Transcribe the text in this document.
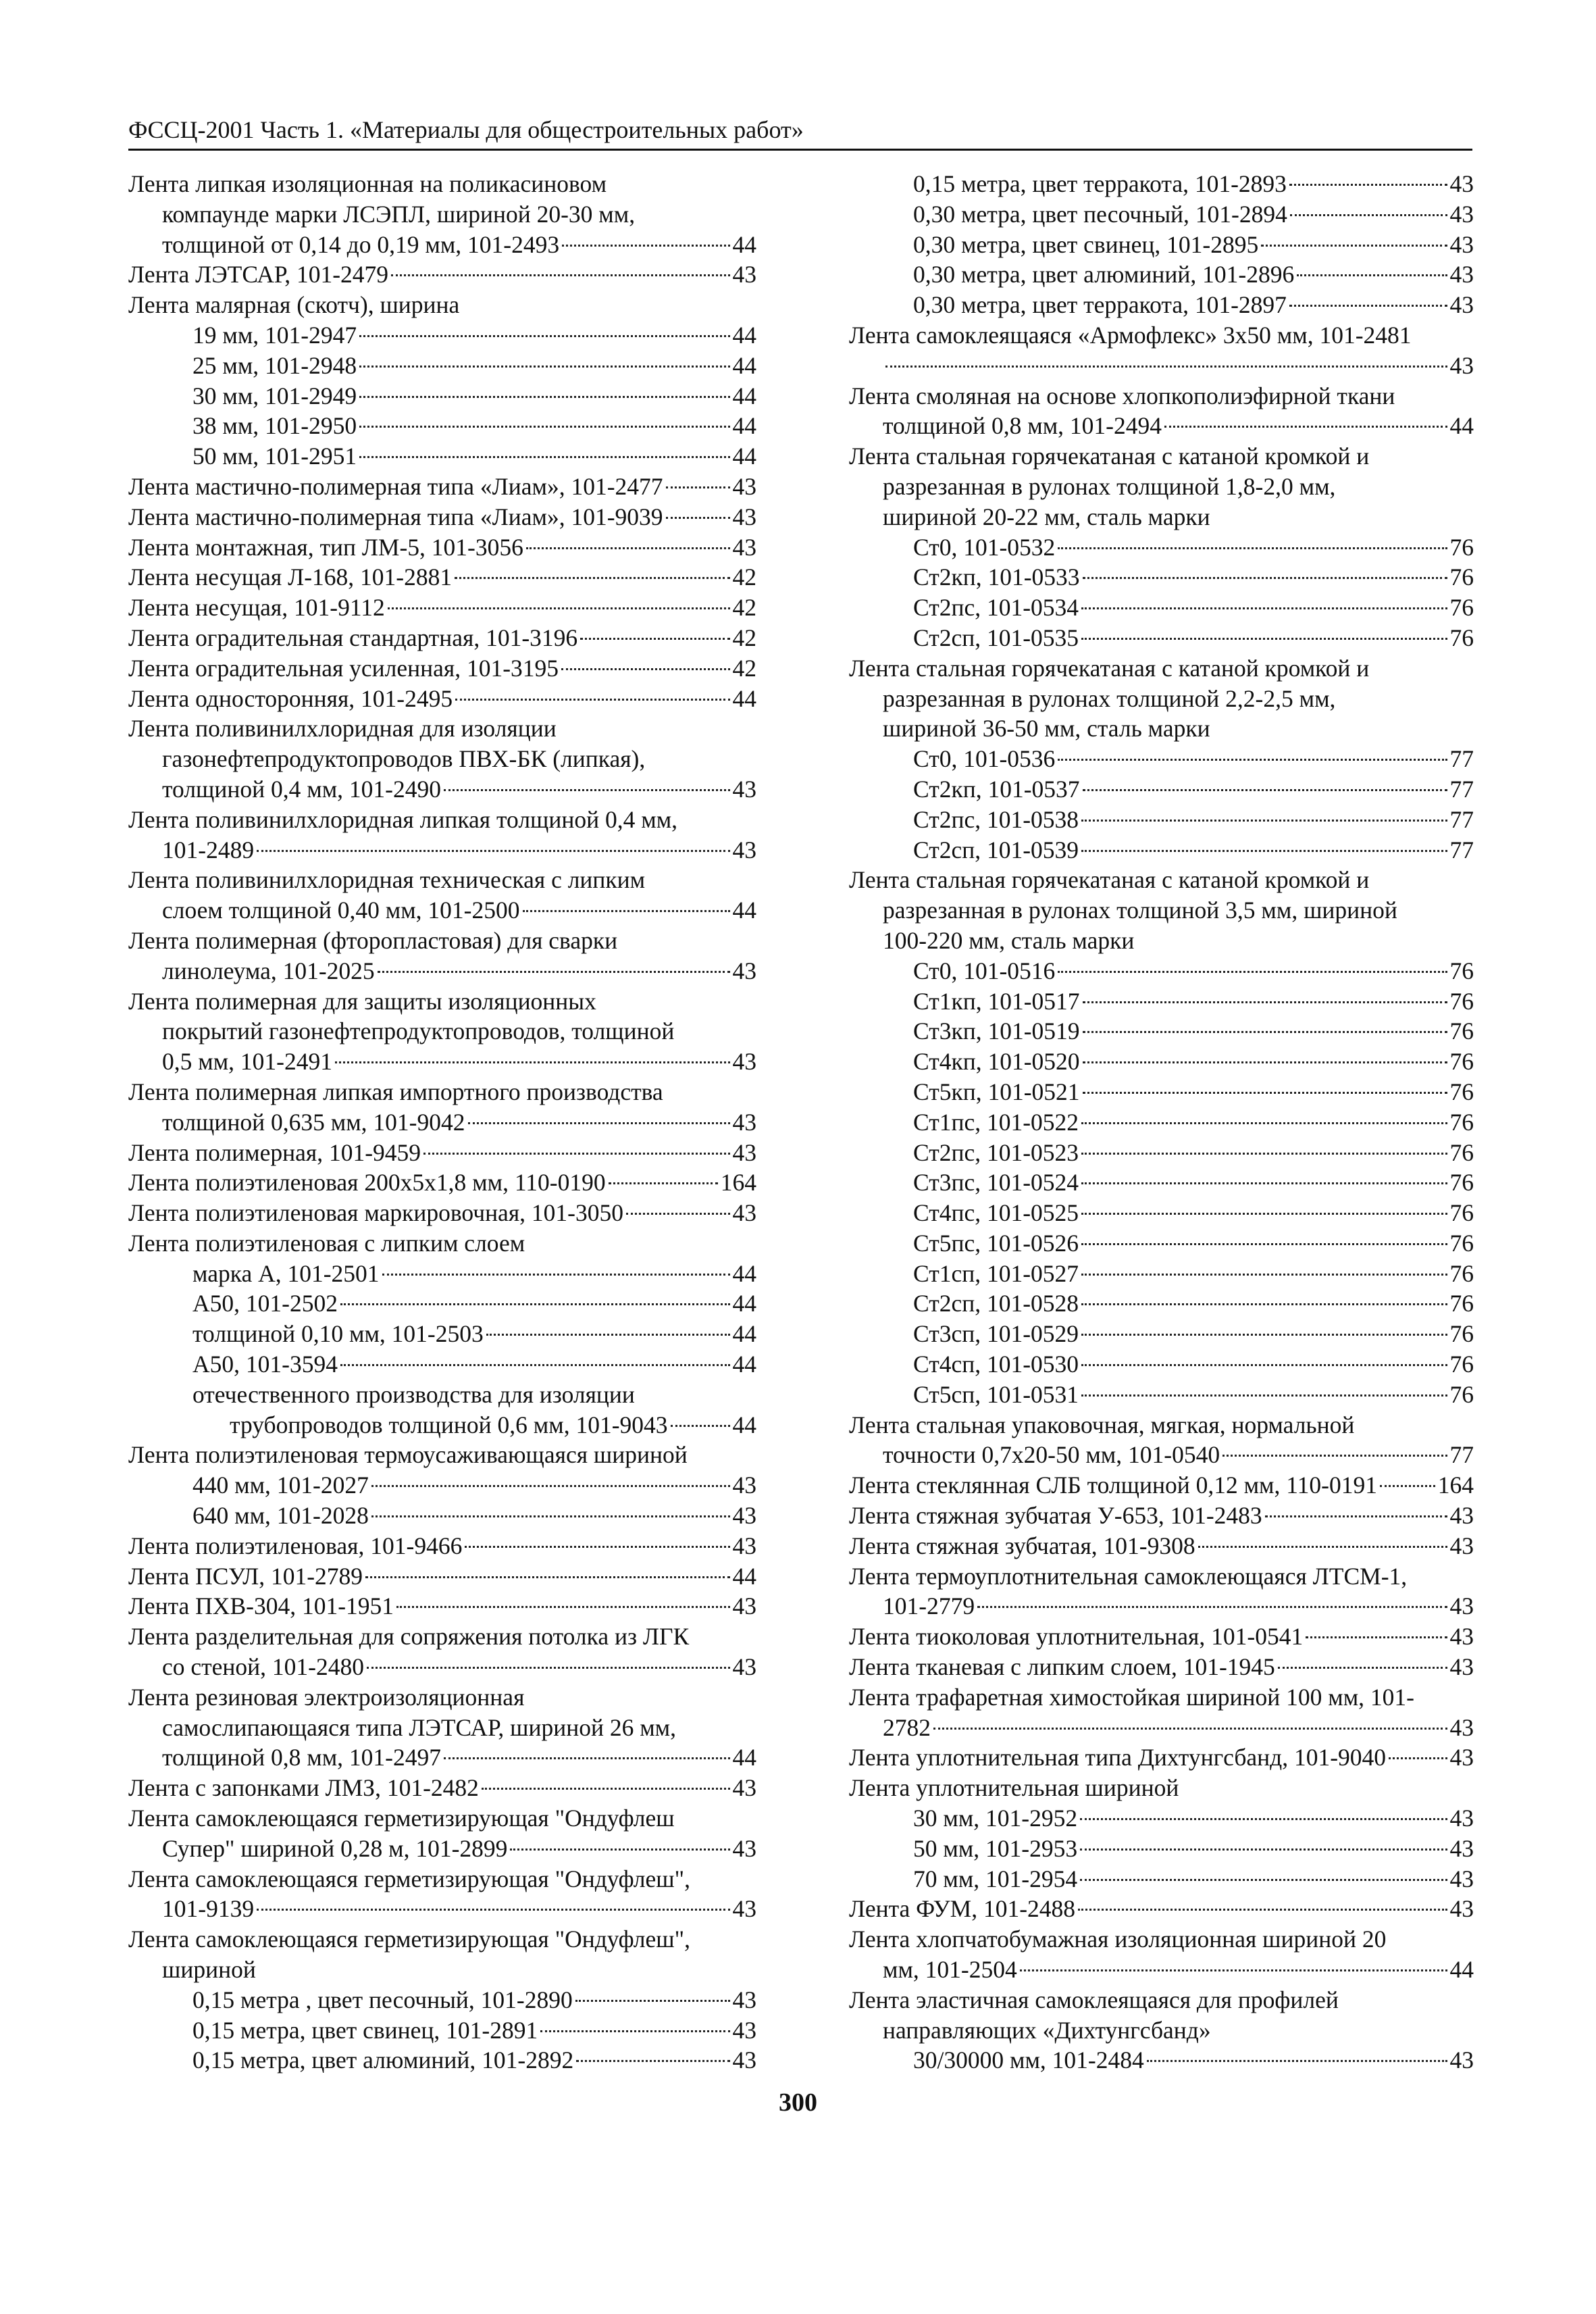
ФССЦ-2001 Часть 1. «Материалы для общестроительных работ»
Лента липкая изоляционная на поликасиновом
компаунде марки ЛСЭПЛ, шириной 20-30 мм,
толщиной от 0,14 до 0,19 мм, 101-2493	44
Лента ЛЭТСАР, 101-2479	43
Лента малярная (скотч), ширина
19 мм, 101-2947	44
25 мм, 101-2948	44
30 мм, 101-2949	44
38 мм, 101-2950	44
50 мм, 101-2951	44
Лента мастично-полимерная типа «Лиам», 101-2477	43
Лента мастично-полимерная типа «Лиам», 101-9039	43
Лента монтажная, тип ЛМ-5, 101-3056	43
Лента несущая Л-168, 101-2881	42
Лента несущая, 101-9112	42
Лента оградительная стандартная, 101-3196	42
Лента оградительная усиленная, 101-3195	42
Лента односторонняя, 101-2495	44
Лента поливинилхлоридная для изоляции
газонефтепродуктопроводов ПВХ-БК (липкая),
толщиной 0,4 мм, 101-2490	43
Лента поливинилхлоридная липкая толщиной 0,4 мм,
101-2489	43
Лента поливинилхлоридная техническая с липким
слоем толщиной 0,40 мм, 101-2500	44
Лента полимерная (фторопластовая) для сварки
линолеума, 101-2025	43
Лента полимерная для защиты изоляционных
покрытий газонефтепродуктопроводов, толщиной
0,5 мм, 101-2491	43
Лента полимерная липкая импортного производства
толщиной 0,635 мм, 101-9042	43
Лента полимерная, 101-9459	43
Лента полиэтиленовая 200х5х1,8 мм, 110-0190	164
Лента полиэтиленовая маркировочная, 101-3050	43
Лента полиэтиленовая с липким слоем
марка А, 101-2501	44
А50, 101-2502	44
толщиной 0,10 мм, 101-2503	44
А50, 101-3594	44
отечественного производства для изоляции
трубопроводов толщиной 0,6 мм, 101-9043	44
Лента полиэтиленовая термоусаживающаяся шириной
440 мм, 101-2027	43
640 мм, 101-2028	43
Лента полиэтиленовая, 101-9466	43
Лента ПСУЛ, 101-2789	44
Лента ПХВ-304, 101-1951	43
Лента разделительная для сопряжения потолка из ЛГК
со стеной, 101-2480	43
Лента резиновая электроизоляционная
самослипающаяся типа ЛЭТСАР, шириной 26 мм,
толщиной 0,8 мм, 101-2497	44
Лента с запонками ЛМЗ, 101-2482	43
Лента самоклеющаяся герметизирующая "Ондуфлеш
Супер" шириной 0,28 м, 101-2899	43
Лента самоклеющаяся герметизирующая "Ондуфлеш",
101-9139	43
Лента самоклеющаяся герметизирующая "Ондуфлеш",
шириной
0,15 метра , цвет песочный, 101-2890	43
0,15 метра, цвет свинец, 101-2891	43
0,15 метра, цвет алюминий, 101-2892	43
0,15 метра, цвет терракота, 101-2893	43
0,30 метра, цвет песочный, 101-2894	43
0,30 метра, цвет свинец, 101-2895	43
0,30 метра, цвет алюминий, 101-2896	43
0,30 метра, цвет терракота, 101-2897	43
Лента самоклеящаяся «Армофлекс» 3х50 мм, 101-2481
43
Лента смоляная на основе хлопкополиэфирной ткани
толщиной 0,8 мм, 101-2494	44
Лента стальная горячекатаная с катаной кромкой и
разрезанная в рулонах толщиной 1,8-2,0 мм,
шириной 20-22 мм, сталь марки
Ст0, 101-0532	76
Ст2кп, 101-0533	76
Ст2пс, 101-0534	76
Ст2сп, 101-0535	76
Лента стальная горячекатаная с катаной кромкой и
разрезанная в рулонах толщиной 2,2-2,5 мм,
шириной 36-50 мм, сталь марки
Ст0, 101-0536	77
Ст2кп, 101-0537	77
Ст2пс, 101-0538	77
Ст2сп, 101-0539	77
Лента стальная горячекатаная с катаной кромкой и
разрезанная в рулонах толщиной 3,5 мм, шириной
100-220 мм, сталь марки
Ст0, 101-0516	76
Ст1кп, 101-0517	76
Ст3кп, 101-0519	76
Ст4кп, 101-0520	76
Ст5кп, 101-0521	76
Ст1пс, 101-0522	76
Ст2пс, 101-0523	76
Ст3пс, 101-0524	76
Ст4пс, 101-0525	76
Ст5пс, 101-0526	76
Ст1сп, 101-0527	76
Ст2сп, 101-0528	76
Ст3сп, 101-0529	76
Ст4сп, 101-0530	76
Ст5сп, 101-0531	76
Лента стальная упаковочная, мягкая, нормальной
точности 0,7х20-50 мм, 101-0540	77
Лента стеклянная СЛБ толщиной 0,12 мм, 110-0191	164
Лента стяжная зубчатая У-653, 101-2483	43
Лента стяжная зубчатая, 101-9308	43
Лента термоуплотнительная самоклеющаяся ЛТСМ-1,
101-2779	43
Лента тиоколовая уплотнительная, 101-0541	43
Лента тканевая с липким слоем, 101-1945	43
Лента трафаретная химостойкая шириной 100 мм, 101-
2782	43
Лента уплотнительная типа Дихтунгсбанд, 101-9040	43
Лента уплотнительная шириной
30 мм, 101-2952	43
50 мм, 101-2953	43
70 мм, 101-2954	43
Лента ФУМ, 101-2488	43
Лента хлопчатобумажная изоляционная шириной 20
мм, 101-2504	44
Лента эластичная самоклеящаяся для профилей
направляющих «Дихтунгсбанд»
30/30000 мм, 101-2484	43
300
